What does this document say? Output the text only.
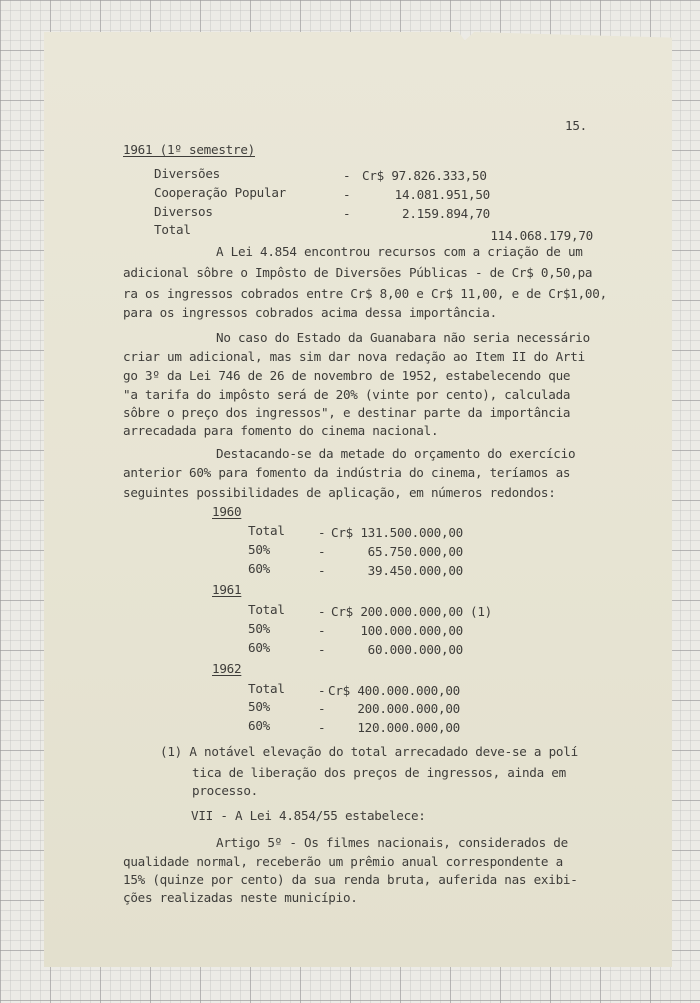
15.
1961 (1º semestre)
Diversões	- Cr$ 97.826.333,50
Cooperação Popular	-	14.081.951,50
Diversos	-	2.159.894,70
Total	114.068.179,70
A Lei 4.854 encontrou recursos com a criação de um
adicional sôbre o Impôsto de Diversões Públicas - de Cr$ 0,50,pa
ra os ingressos cobrados entre Cr$ 8,00 e Cr$ 11,00, e de Cr$1,00,
para os ingressos cobrados acima dessa importância.
No caso do Estado da Guanabara não seria necessário
criar um adicional, mas sim dar nova redação ao Item II do Arti
go 3º da Lei 746 de 26 de novembro de 1952, estabelecendo que
"a tarifa do impôsto será de 20% (vinte por cento), calculada
sôbre o preço dos ingressos", e destinar parte da importância
arrecadada para fomento do cinema nacional.
Destacando-se da metade do orçamento do exercício
anterior 60% para fomento da indústria do cinema, teríamos as
seguintes possibilidades de aplicação, em números redondos:
1960
Total	- Cr$ 131.500.000,00
50%	-	65.750.000,00
60%	-	39.450.000,00
1961
Total	- Cr$ 200.000.000,00 (1)
50%	-	100.000.000,00
60%	-	60.000.000,00
1962
Total	- Cr$ 400.000.000,00
50%	-	200.000.000,00
60%	-	120.000.000,00
(1) A notável elevação do total arrecadado deve-se a polí
tica de liberação dos preços de ingressos, ainda em
processo.
VII - A Lei 4.854/55 estabelece:
Artigo 5º - Os filmes nacionais, considerados de
qualidade normal, receberão um prêmio anual correspondente a
15% (quinze por cento) da sua renda bruta, auferida nas exibi-
ções realizadas neste município.
